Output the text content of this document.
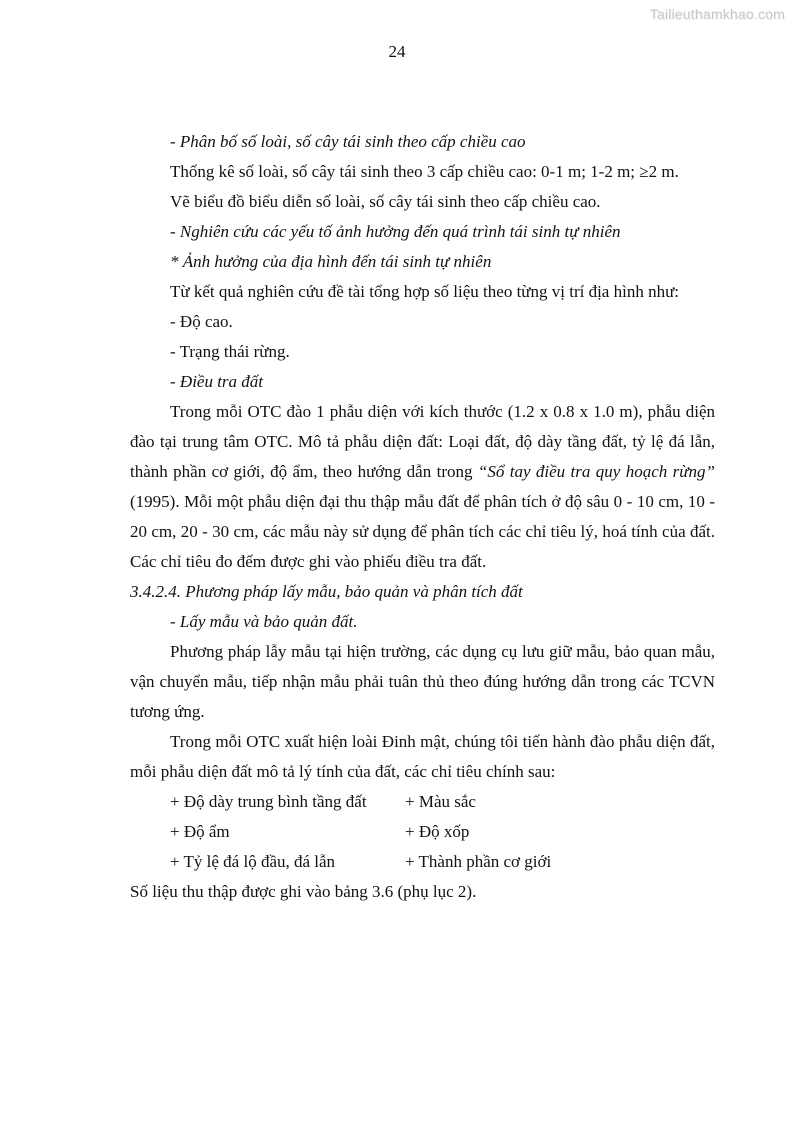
Tailieuthamkhao.com
24

- Phân bố số loài, số cây tái sinh theo cấp chiều cao

Thống kê số loài, số cây tái sinh theo 3 cấp chiều cao: 0-1 m; 1-2 m; ≥2 m.

Vẽ biểu đồ biểu diễn số loài, số cây tái sinh theo cấp chiều cao.

- Nghiên cứu các yếu tố ảnh hưởng đến quá trình tái sinh tự nhiên

* Ảnh hưởng của địa hình đến tái sinh tự nhiên

Từ kết quả nghiên cứu đề tài tổng hợp số liệu theo từng vị trí địa hình như:

- Độ cao.

- Trạng thái rừng.

- Điều tra đất

Trong mỗi OTC đào 1 phẫu diện với kích thước (1.2 x 0.8 x 1.0 m), phẫu diện đào tại trung tâm OTC. Mô tả phẫu diện đất: Loại đất, độ dày tầng đất, tỷ lệ đá lẫn, thành phần cơ giới, độ ẩm, theo hướng dẫn trong “Sổ tay điều tra quy hoạch rừng” (1995). Mỗi một phẫu diện đại thu thập mẫu đất để phân tích ở độ sâu 0 - 10 cm, 10 - 20 cm, 20 - 30 cm, các mẫu này sử dụng để phân tích các chỉ tiêu lý, hoá tính của đất. Các chỉ tiêu đo đếm được ghi vào phiếu điều tra đất.

3.4.2.4. Phương pháp lấy mẫu, bảo quản và phân tích đất

- Lấy mẫu và bảo quản đất.

Phương pháp lẫy mẫu tại hiện trường, các dụng cụ lưu giữ mẫu, bảo quan mẫu, vận chuyển mẫu, tiếp nhận mẫu phải tuân thủ theo đúng hướng dẫn trong các TCVN tương ứng.

Trong mỗi OTC xuất hiện loài Đinh mật, chúng tôi tiến hành đào phẫu diện đất, mỗi phẫu diện đất mô tả lý tính của đất, các chỉ tiêu chính sau:

+ Độ dày trung bình tầng đất + Màu sắc

+ Độ ẩm	+ Độ xốp

+ Tỷ lệ đá lộ đầu, đá lẫn	+ Thành phần cơ giới

Số liệu thu thập được ghi vào bảng 3.6 (phụ lục 2).
